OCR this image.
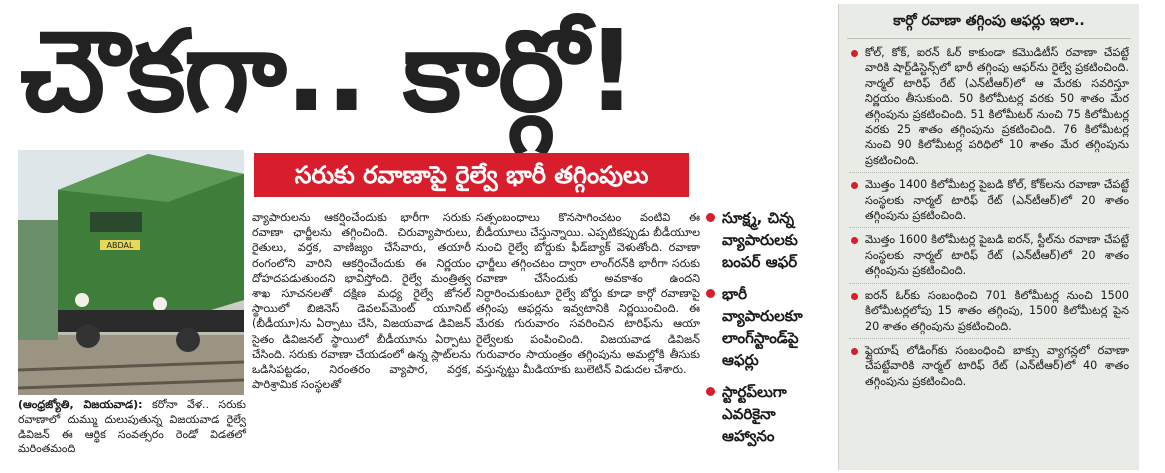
చౌకగా.. కార్గో!
ABDAL
(ఆంధ్రజ్యోతి, విజయవాడ): కరోనా వేళ.. సరుకు రవాణాలో దుమ్ము దులుపుతున్న విజయవాడ రైల్వే డివిజన్ ఈ ఆర్థిక సంవత్సరం రెండో విడతలో మరింతమంది
సరుకు రవాణాపై రైల్వే భారీ తగ్గింపులు

వ్యాపారులను ఆకర్షించేందుకు భారీగా సరుకు రవాణా ఛార్జీలను తగ్గించింది. చిరువ్యాపారులు, రైతులు, వర్తక, వాణిజ్యం చేసేవారు, తయారీ రంగంలోని వారిని ఆకర్షించేందుకు ఈ నిర్ణయం దోహదపడుతుందని భావిస్తోంది. రైల్వే మంత్రిత్వ శాఖ సూచనలతో దక్షిణ మధ్య రైల్వే జోనల్ స్థాయిలో బిజినెస్ డెవలప్‌మెంట్ యూనిట్ (బీడీయూ)ను ఏర్పాటు చేసి, విజయవాడ డివిజన్ సైతం డివిజనల్ స్థాయిలో బీడీయూను ఏర్పాటు చేసింది. సరుకు రవాణా చేయడంలో ఉన్న స్లాట్‌లను ఒడిసిపట్టడం, నిరంతరం వ్యాపార, వర్తక, పారిశ్రామిక సంస్థలతో

సత్సంబంధాలు కొనసాగించటం వంటివి ఈ బీడీయూలు చేస్తున్నాయి. ఎప్పటికప్పుడు బీడీయూల నుంచి రైల్వే బోర్డుకు ఫీడ్‌బ్యాక్ వెళుతోంది. రవాణా ఛార్జీలు తగ్గించటం ద్వారా లాంగ్‌రన్‌కి భారీగా సరుకు రవాణా చేసేందుకు అవకాశం ఉందని నిర్ధారించుకుంటూ రైల్వే బోర్డు కూడా కార్గో రవాణాపై తగ్గింపు ఆఫర్లను ఇవ్వటానికి నిర్ణయించింది. ఈ మేరకు గురువారం సవరించిన టారిఫ్‌ను ఆయా రైల్వేలకు పంపించింది. విజయవాడ డివిజన్ గురువారం సాయంత్రం తగ్గింపును అమల్లోకి తీసుకు వస్తున్నట్టు మీడియాకు బులెటిన్ విడుదల చేశారు.

సూక్ష్మ, చిన్న వ్యాపారులకు బంపర్ ఆఫర్
భారీ వ్యాపారులకూ లాంగ్‌స్టాండ్‌పై ఆఫర్లు
స్టార్టప్‌లుగా ఎవరికైనా ఆహ్వానం
కార్గో రవాణా తగ్గింపు ఆఫర్లు ఇలా..
కోల్, కోక్, ఐరన్ ఓర్ కాకుండా కమొడిటీస్ రవాణా చేపట్టే వారికి షార్ట్‌డిస్టెన్స్‌లో భారీ తగ్గింపు ఆఫర్‌ను రైల్వే ప్రకటించింది. నార్మల్ టారిఫ్ రేట్ (ఎన్‌టీఆర్)లో ఆ మేరకు సవరిస్తూ నిర్ణయం తీసుకుంది. 50 కిలోమీటర్ల వరకు 50 శాతం మేర తగ్గింపును ప్రకటించింది. 51 కిలోమీటర్ నుంచి 75 కిలోమీటర్ల వరకు 25 శాతం తగ్గింపును ప్రకటించింది. 76 కిలోమీటర్ల నుంచి 90 కిలోమీటర్ల పరిధిలో 10 శాతం మేర తగ్గింపును ప్రకటించింది.
మొత్తం 1400 కిలోమీటర్ల పైబడి కోల్, కోక్‌లను రవాణా చేపట్టే సంస్థలకు నార్మల్ టారిఫ్ రేట్ (ఎన్‌టీఆర్)లో 20 శాతం తగ్గింపును ప్రకటించింది.
మొత్తం 1600 కిలోమీటర్ల పైబడి ఐరన్, స్టీల్‌ను రవాణా చేపట్టే సంస్థలకు నార్మల్ టారిఫ్ రేట్ (ఎన్‌టీఆర్)లో 20 శాతం తగ్గింపును ప్రకటించింది.
ఐరన్ ఓర్‌కు సంబంధించి 701 కిలోమీటర్ల నుంచి 1500 కిలోమీటర్లలోపు 15 శాతం తగ్గింపు, 1500 కిలోమీటర్ల పైన 20 శాతం తగ్గింపును ప్రకటించింది.
ఫ్లైయాష్ లోడింగ్‌కు సంబంధించి బాక్సు వ్యాగన్లలో రవాణా చేపట్టేవారికి నార్మల్ టారిఫ్ రేట్ (ఎన్‌టీఆర్)లో 40 శాతం తగ్గింపును ప్రకటించింది.
